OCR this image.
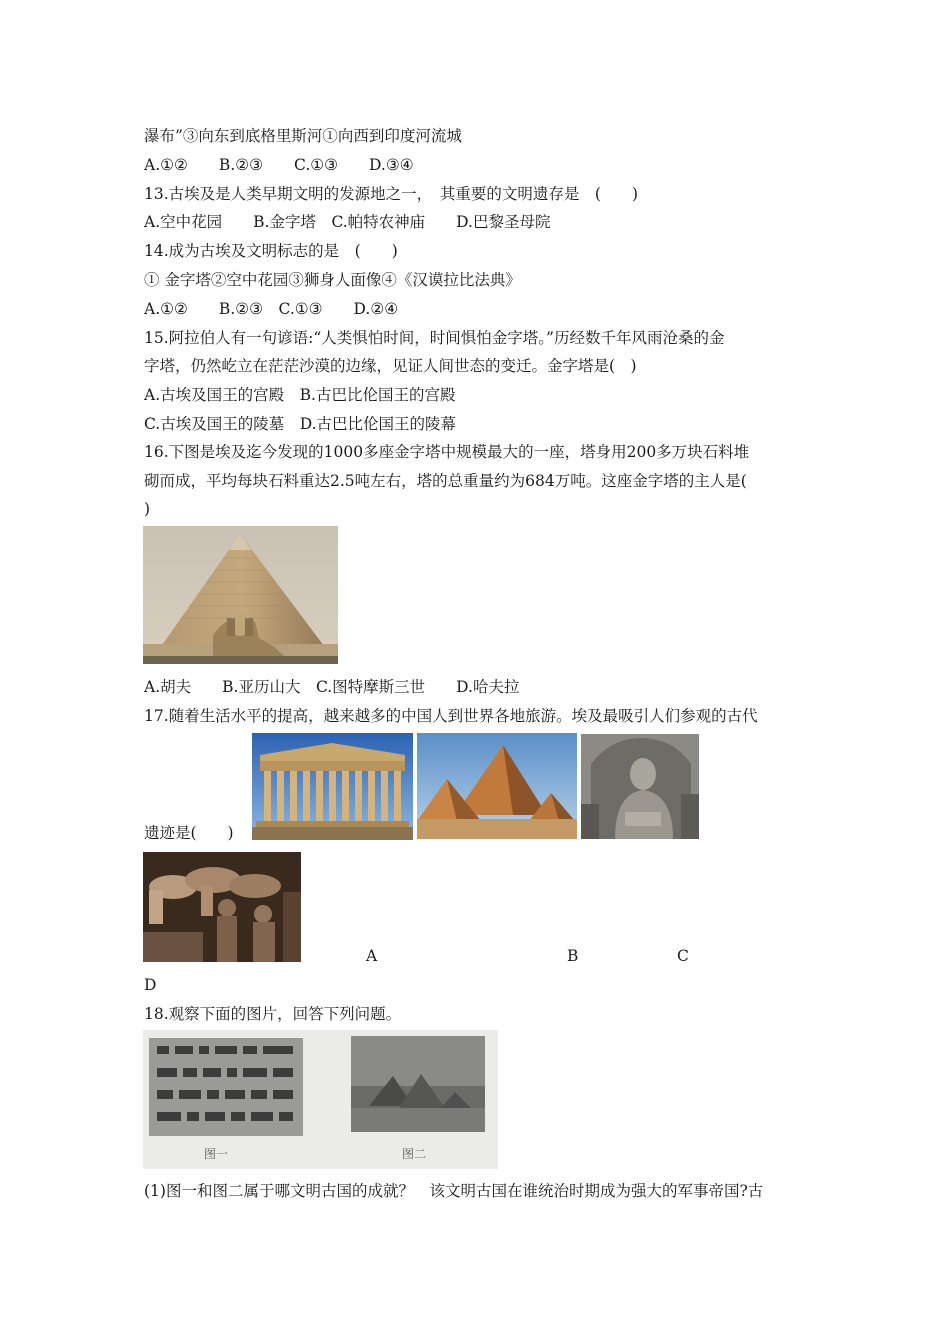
瀑布”③向东到底格里斯河①向西到印度河流城
A.①②　　B.②③　　C.①③　　D.③④
13.古埃及是人类早期文明的发源地之一，　其重要的文明遗存是　(　　)
A.空中花园　　B.金字塔　C.帕特农神庙　　D.巴黎圣母院
14.成为古埃及文明标志的是　(　　)
① 金字塔②空中花园③狮身人面像④《汉谟拉比法典》
A.①②　　B.②③　C.①③　　D.②④
15.阿拉伯人有一句谚语:“人类惧怕时间，时间惧怕金字塔。”历经数千年风雨沧桑的金
字塔，仍然屹立在茫茫沙漠的边缘，见证人间世态的变迁。金字塔是(　)
A.古埃及国王的宫殿　B.古巴比伦国王的宫殿
C.古埃及国王的陵墓　D.古巴比伦国王的陵幕
16.下图是埃及迄今发现的1000多座金字塔中规模最大的一座，塔身用200多万块石料堆
砌而成，平均每块石料重达2.5吨左右，塔的总重量约为684万吨。这座金字塔的主人是(
)
A.胡夫　　B.亚历山大　C.图特摩斯三世　　D.哈夫拉
17.随着生活水平的提高，越来越多的中国人到世界各地旅游。埃及最吸引人们参观的古代
遗迹是(　　)
A	B	C
D
18.观察下面的图片，回答下列问题。
图一	图二
(1)图一和图二属于哪文明古国的成就？　该文明古国在谁统治时期成为强大的军事帝国?古
